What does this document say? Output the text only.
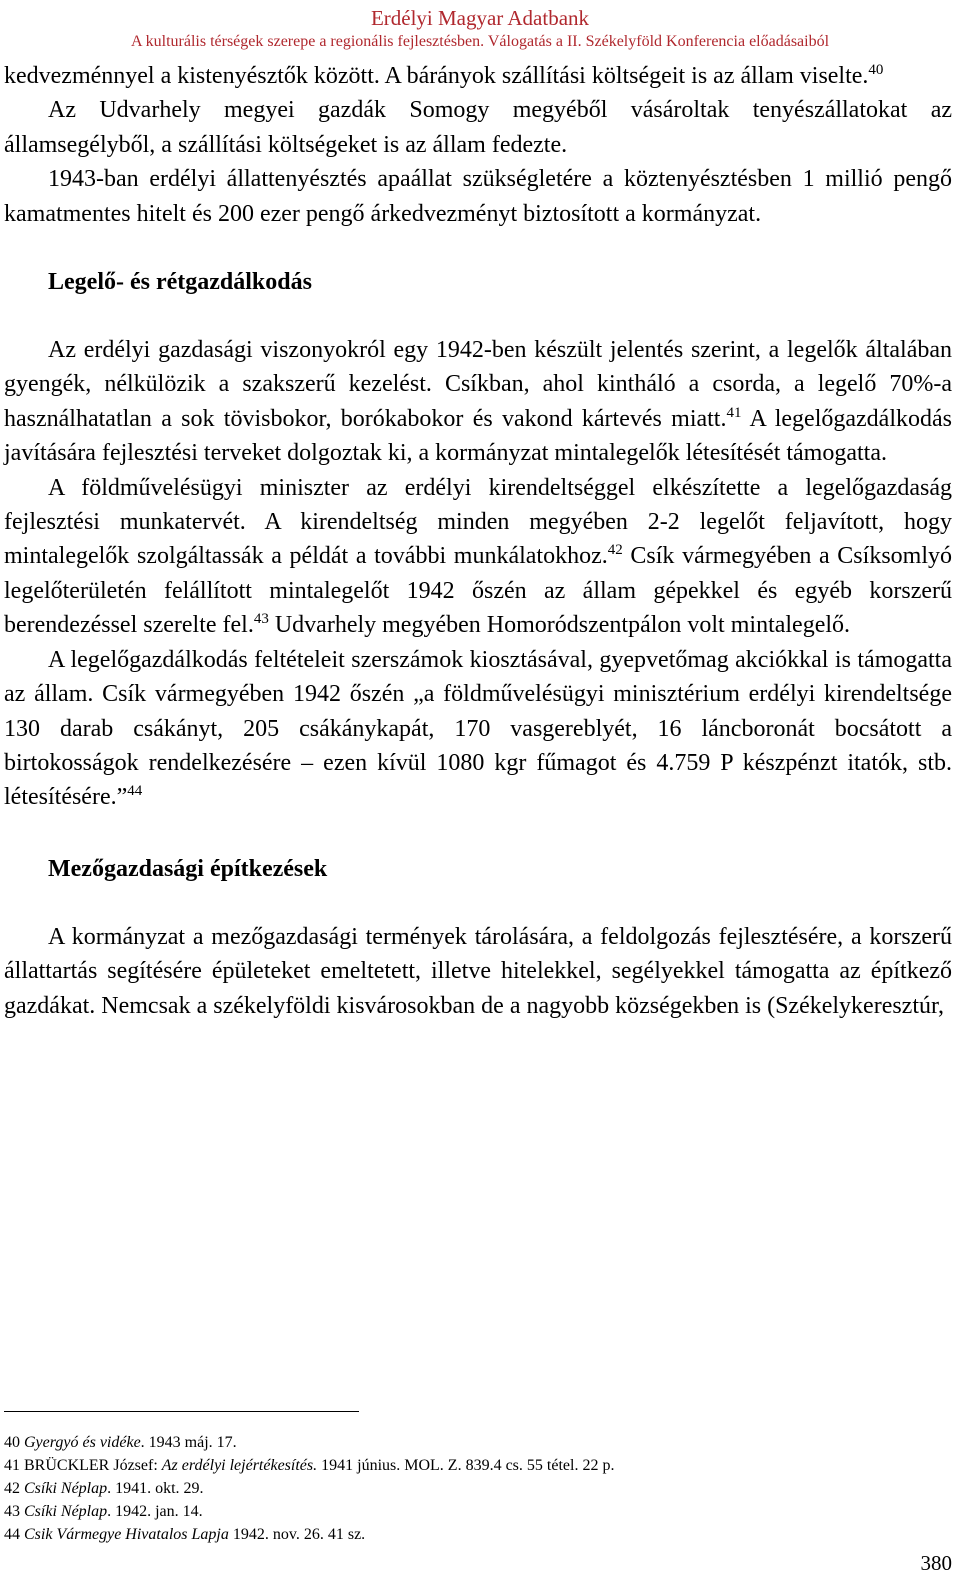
Erdélyi Magyar Adatbank
A kulturális térségek szerepe a regionális fejlesztésben. Válogatás a II. Székelyföld Konferencia előadásaiból

kedvezménnyel a kistenyésztők között. A bárányok szállítási költségeit is az állam viselte.$^{40}$

Az Udvarhely megyei gazdák Somogy megyéből vásároltak tenyészállatokat az államsegélyből, a szállítási költségeket is az állam fedezte.

1943-ban erdélyi állattenyésztés apaállat szükségletére a köztenyésztésben 1 millió pengő kamatmentes hitelt és 200 ezer pengő árkedvezményt biztosított a kormányzat.

Legelő- és rétgazdálkodás

Az erdélyi gazdasági viszonyokról egy 1942-ben készült jelentés szerint, a legelők általában gyengék, nélkülözik a szakszerű kezelést. Csíkban, ahol kintháló a csorda, a legelő 70%-a használhatatlan a sok tövisbokor, borókabokor és vakond kártevés miatt.$^{41}$ A legelőgazdálkodás javítására fejlesztési terveket dolgoztak ki, a kormányzat mintalegelők létesítését támogatta.

A földművelésügyi miniszter az erdélyi kirendeltséggel elkészítette a legelőgazdaság fejlesztési munkatervét. A kirendeltség minden megyében 2-2 legelőt feljavított, hogy mintalegelők szolgáltassák a példát a további munkálatokhoz.$^{42}$ Csík vármegyében a Csíksomlyó legelőterületén felállított mintalegelőt 1942 őszén az állam gépekkel és egyéb korszerű berendezéssel szerelte fel.$^{43}$ Udvarhely megyében Homoródszentpálon volt mintalegelő.

A legelőgazdálkodás feltételeit szerszámok kiosztásával, gyepvetőmag akciókkal is támogatta az állam. Csík vármegyében 1942 őszén „a földművelésügyi minisztérium erdélyi kirendeltsége 130 darab csákányt, 205 csákánykapát, 170 vasgereblyét, 16 láncboronát bocsátott a birtokosságok rendelkezésére – ezen kívül 1080 kgr fűmagot és 4.759 P készpénzt itatók, stb. létesítésére.”$^{44}$

Mezőgazdasági építkezések

A kormányzat a mezőgazdasági termények tárolására, a feldolgozás fejlesztésére, a korszerű állattartás segítésére épületeket emeltetett, illetve hitelekkel, segélyekkel támogatta az építkező gazdákat. Nemcsak a székelyföldi kisvárosokban de a nagyobb községekben is (Székelykeresztúr,

40 Gyergyó és vidéke. 1943 máj. 17.

41 BRÜCKLER József: Az erdélyi lejértékesítés. 1941 június. MOL. Z. 839.4 cs. 55 tétel. 22 p.

42 Csíki Néplap. 1941. okt. 29.

43 Csíki Néplap. 1942. jan. 14.

44 Csik Vármegye Hivatalos Lapja 1942. nov. 26. 41 sz.

380
